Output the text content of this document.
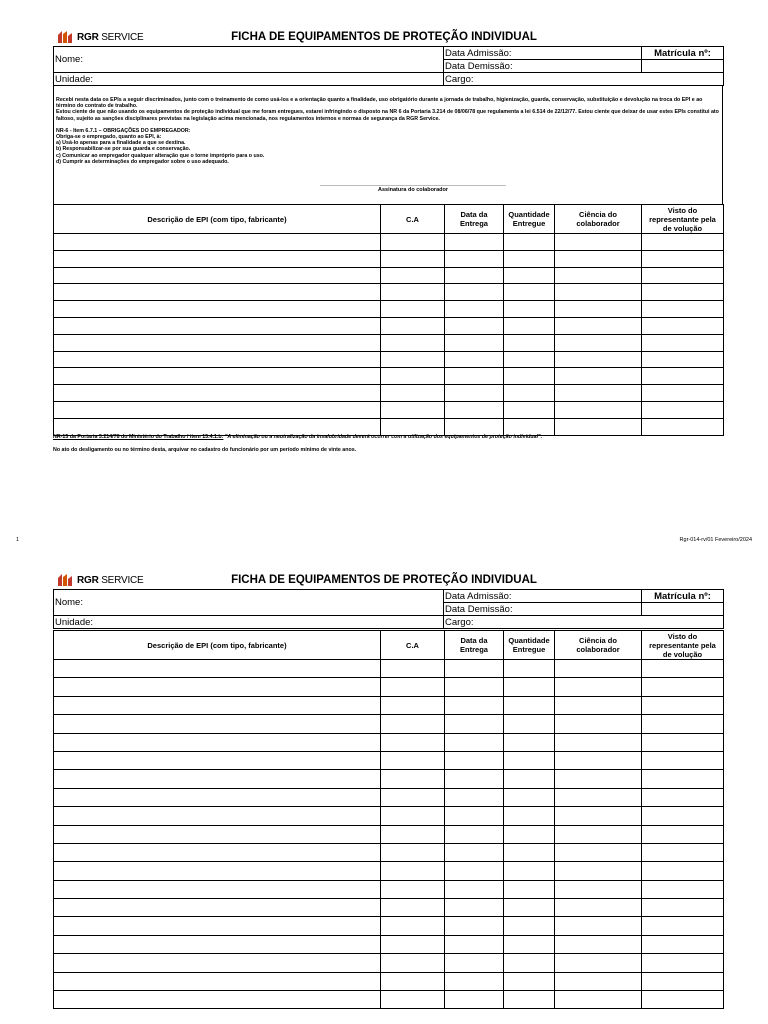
RGR SERVICE	FICHA DE EQUIPAMENTOS DE PROTEÇÃO INDIVIDUAL
Nome:	Data Admissão:	Matrícula nº:
	Data Demissão:	
Unidade:	Cargo:	

Recebi nesta data os EPIs a seguir discriminados, junto com o treinamento de como usá-los e a orientação quanto a finalidade, uso obrigatório durante a jornada de trabalho, higienização, guarda, conservação, substituição e devolução na troca do EPI e ao término do contrato de trabalho.

Estou ciente de que não usando os equipamentos de proteção individual que me foram entregues, estarei infringindo o disposto na NR 6 da Portaria 3.214 de 08/06/78 que regulamenta a lei 6.514 de 22/12/77. Estou ciente que deixar de usar estes EPIs constitui ato faltoso, sujeito as sanções disciplinares previstas na legislação acima mencionada, nos regulamentos internos e normas de segurança da RGR Service.

NR-6 - Item 6.7.1 – OBRIGAÇÕES DO EMPREGADOR:

Obriga-se o empregado, quanto ao EPI, à:

a) Usá-lo apenas para a finalidade a que se destina.

b) Responsabilizar-se por sua guarda e conservação.

c) Comunicar ao empregador qualquer alteração que o torne impróprio para o uso.

d) Cumprir as determinações do empregador sobre o uso adequado.

Assinatura do colaborador
Descrição de EPI (com tipo, fabricante)	C.A	Data da Entrega	Quantidade Entregue	Ciência do colaborador	Visto do representante pela de volução

NR-15 da Portaria 3.214/78 do Ministério do Trabalho / item 15.4.1.b: "A eliminação ou a neutralização da insalubridade deverá ocorrer com a utilização dos equipamentos de proteção individual".
No ato do desligamento ou no término desta, arquivar no cadastro do funcionário por um período mínimo de vinte anos.
1	Rgr-014-rv/01 Fevereiro/2024
RGR SERVICE	FICHA DE EQUIPAMENTOS DE PROTEÇÃO INDIVIDUAL
Nome:	Data Admissão:	Matrícula nº:
	Data Demissão:	
Unidade:	Cargo:	
Descrição de EPI (com tipo, fabricante)	C.A	Data da Entrega	Quantidade Entregue	Ciência do colaborador	Visto do representante pela de volução
